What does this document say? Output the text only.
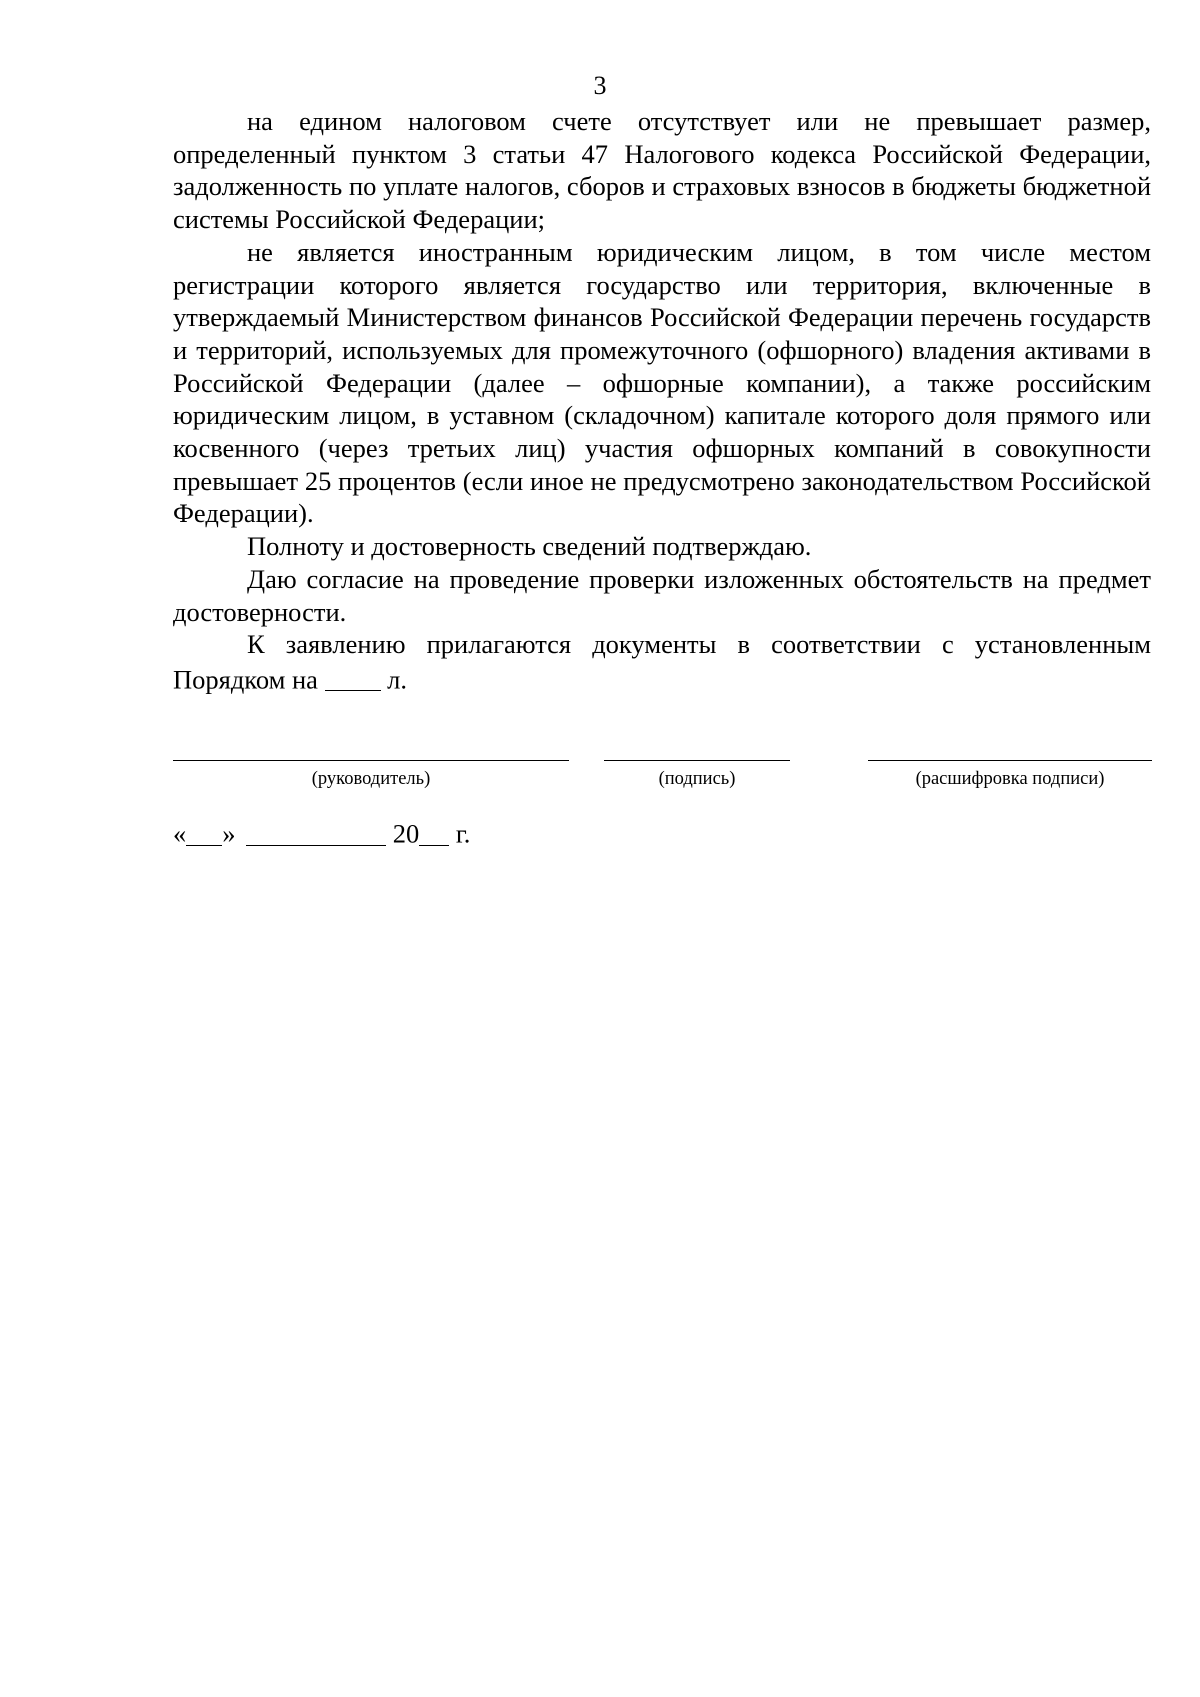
3

на едином налоговом счете отсутствует или не превышает размер, определенный пунктом 3 статьи 47 Налогового кодекса Российской Федерации, задолженность по уплате налогов, сборов и страховых взносов в бюджеты бюджетной системы Российской Федерации;

не является иностранным юридическим лицом, в том числе местом регистрации которого является государство или территория, включенные в утверждаемый Министерством финансов Российской Федерации перечень государств и территорий, используемых для промежуточного (офшорного) владения активами в Российской Федерации (далее – офшорные компании), а также российским юридическим лицом, в уставном (складочном) капитале которого доля прямого или косвенного (через третьих лиц) участия офшорных компаний в совокупности превышает 25 процентов (если иное не предусмотрено законодательством Российской Федерации).

Полноту и достоверность сведений подтверждаю.

Даю согласие на проведение проверки изложенных обстоятельств на предмет достоверности.

К заявлению прилагаются документы в соответствии с установленным Порядком на	л.

(руководитель)	(подпись)	(расшифровка подписи)
« »	20 г.
